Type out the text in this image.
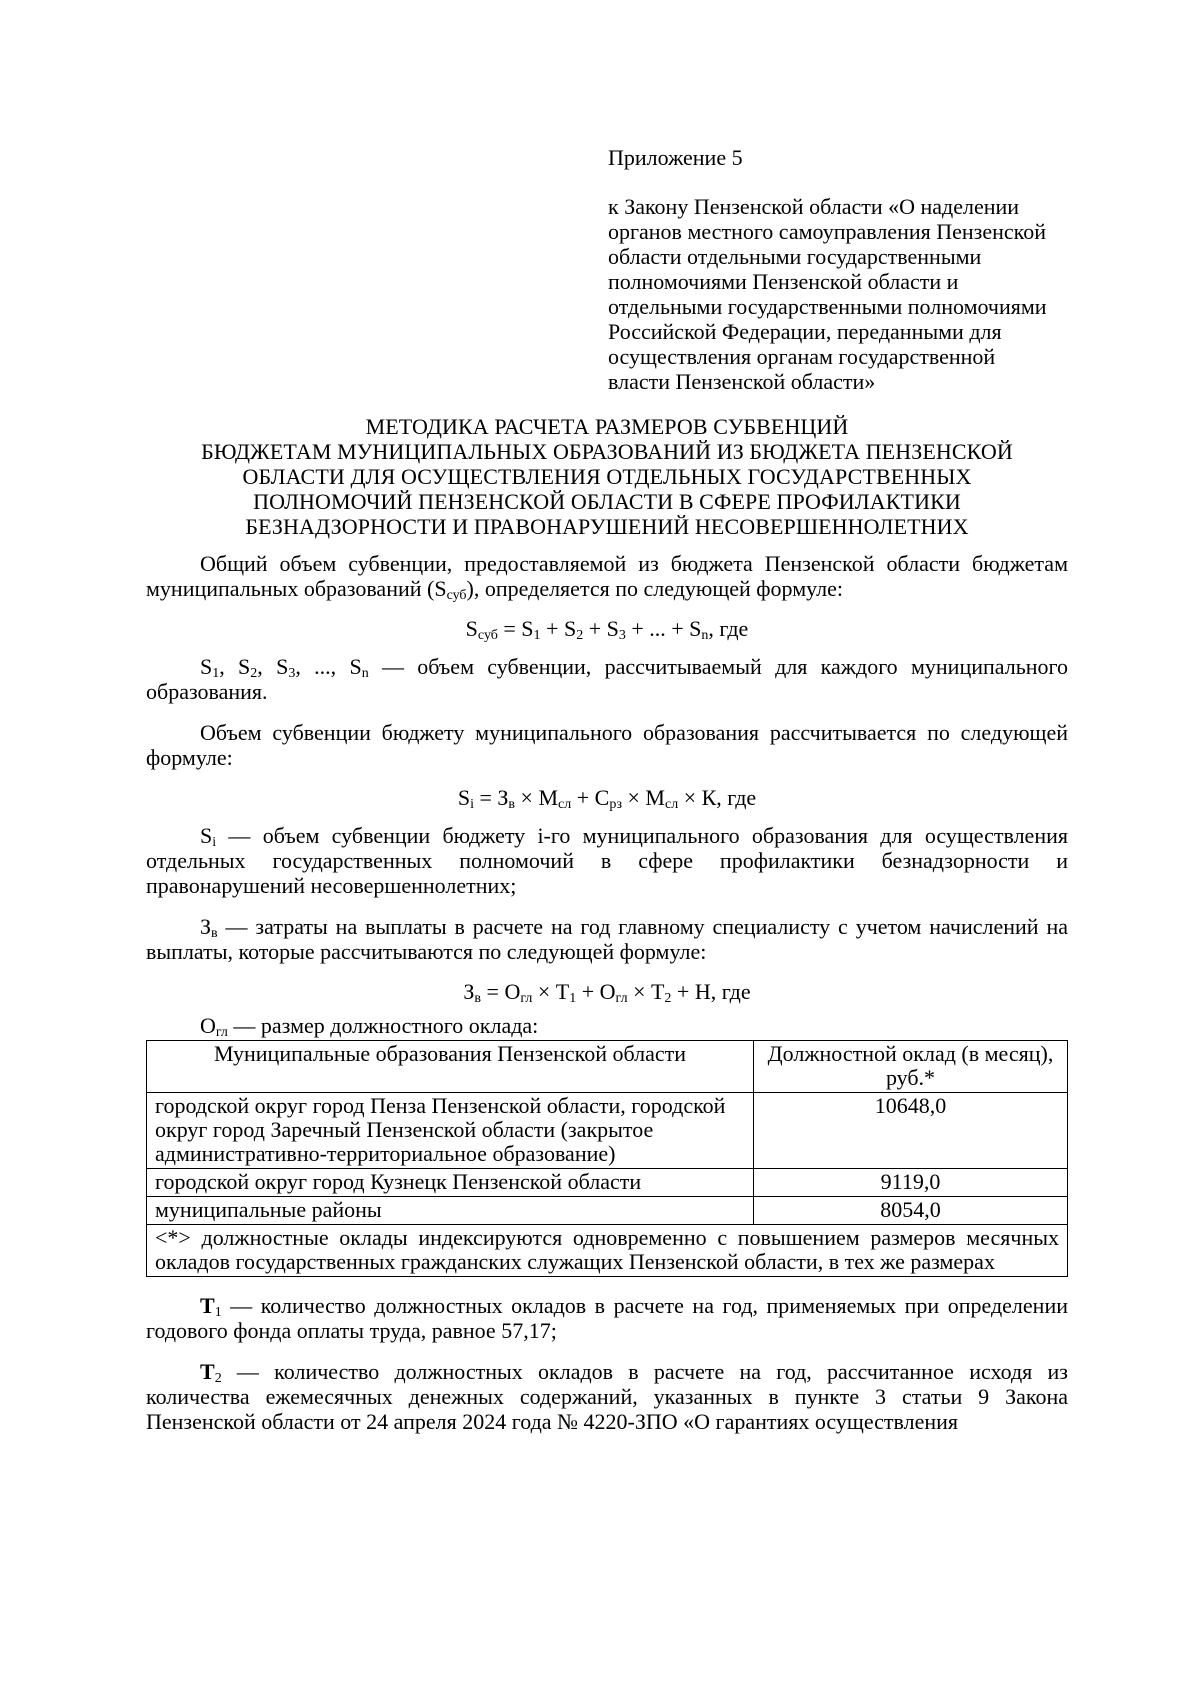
Приложение 5

к Закону Пензенской области «О наделении органов местного самоуправления Пензенской области отдельными государственными полномочиями Пензенской области и отдельными государственными полномочиями Российской Федерации, переданными для осуществления органам государственной власти Пензенской области»

МЕТОДИКА РАСЧЕТА РАЗМЕРОВ СУБВЕНЦИЙ
БЮДЖЕТАМ МУНИЦИПАЛЬНЫХ ОБРАЗОВАНИЙ ИЗ БЮДЖЕТА ПЕНЗЕНСКОЙ
ОБЛАСТИ ДЛЯ ОСУЩЕСТВЛЕНИЯ ОТДЕЛЬНЫХ ГОСУДАРСТВЕННЫХ
ПОЛНОМОЧИЙ ПЕНЗЕНСКОЙ ОБЛАСТИ В СФЕРЕ ПРОФИЛАКТИКИ
БЕЗНАДЗОРНОСТИ И ПРАВОНАРУШЕНИЙ НЕСОВЕРШЕННОЛЕТНИХ

Общий объем субвенции, предоставляемой из бюджета Пензенской области бюджетам муниципальных образований $(S_{суб})$, определяется по следующей формуле:

$S_{суб} = S_1 + S_2 + S_3$ + ... + $S_n$, где

$S_1$, $S_2$, $S_3$, ..., $S_n$ — объем субвенции, рассчитываемый для каждого муниципального образования.

Объем субвенции бюджету муниципального образования рассчитывается по следующей формуле:

$S_i = З_в \times М_{сл} + С_{рз} \times М_{сл} \times К$, где

$S_i$ — объем субвенции бюджету i-го муниципального образования для осуществления отдельных государственных полномочий в сфере профилактики безнадзорности и правонарушений несовершеннолетних;

$З_в$ — затраты на выплаты в расчете на год главному специалисту с учетом начислений на выплаты, которые рассчитываются по следующей формуле:

$З_в = О_{гл} \times Т_1 + О_{гл} \times Т_2 + Н$, где

$О_{гл}$ — размер должностного оклада:

Муниципальные образования Пензенской области	Должностной оклад (в месяц), руб.*
городской округ город Пенза Пензенской области, городской округ город Заречный Пензенской области (закрытое административно-территориальное образование)	10648,0
городской округ город Кузнецк Пензенской области	9119,0
муниципальные районы	8054,0
<*> должностные оклады индексируются одновременно с повышением размеров месячных окладов государственных гражданских служащих Пензенской области, в тех же размерах	

$Т_1$ — количество должностных окладов в расчете на год, применяемых при определении годового фонда оплаты труда, равное 57,17;

$Т_2$ — количество должностных окладов в расчете на год, рассчитанное исходя из количества ежемесячных денежных содержаний, указанных в пункте 3 статьи 9 Закона Пензенской области от 24 апреля 2024 года № 4220-ЗПО «О гарантиях осуществления
